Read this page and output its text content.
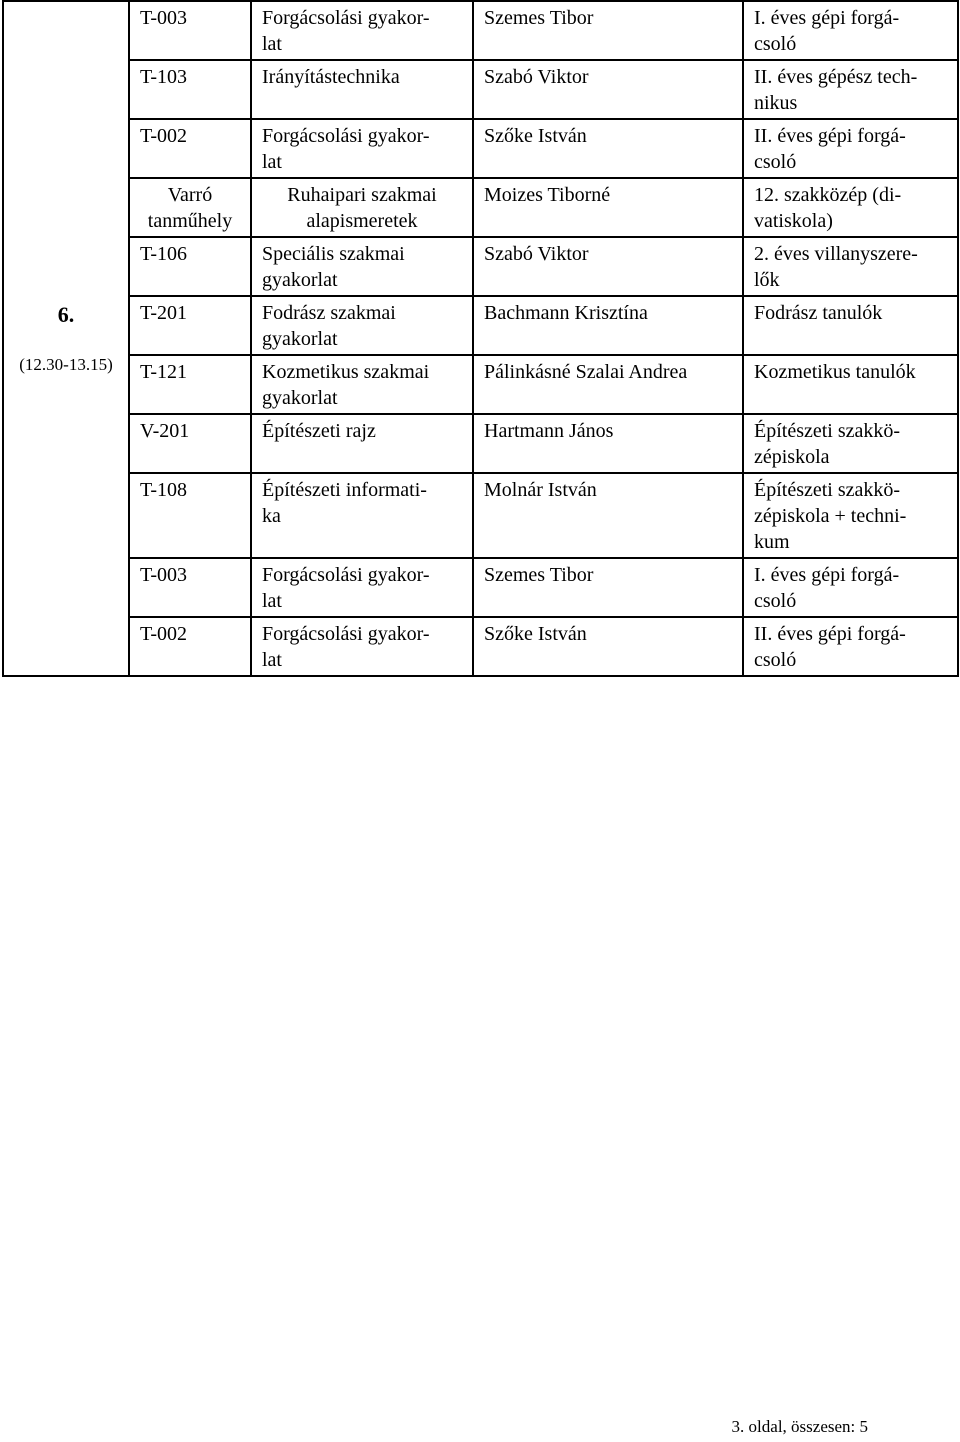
6.

(12.30-13.15)	T-003	Forgácsolási gyakor-
lat	Szemes Tibor	I. éves gépi forgá-
csoló
	T-103	Irányítástechnika	Szabó Viktor	II. éves gépész tech-
nikus
	T-002	Forgácsolási gyakor-
lat	Szőke István	II. éves gépi forgá-
csoló
	Varró
tanműhely	Ruhaipari szakmai
alapismeretek	Moizes Tiborné	12. szakközép (di-
vatiskola)
	T-106	Speciális szakmai
gyakorlat	Szabó Viktor	2. éves villanyszere-
lők
	T-201	Fodrász szakmai
gyakorlat	Bachmann Krisztína	Fodrász tanulók
	T-121	Kozmetikus szakmai
gyakorlat	Pálinkásné Szalai Andrea	Kozmetikus tanulók
	V-201	Építészeti rajz	Hartmann János	Építészeti szakkö-
zépiskola
	T-108	Építészeti informati-
ka	Molnár István	Építészeti szakkö-
zépiskola + techni-
kum
	T-003	Forgácsolási gyakor-
lat	Szemes Tibor	I. éves gépi forgá-
csoló
	T-002	Forgácsolási gyakor-
lat	Szőke István	II. éves gépi forgá-
csoló
3. oldal, összesen: 5
